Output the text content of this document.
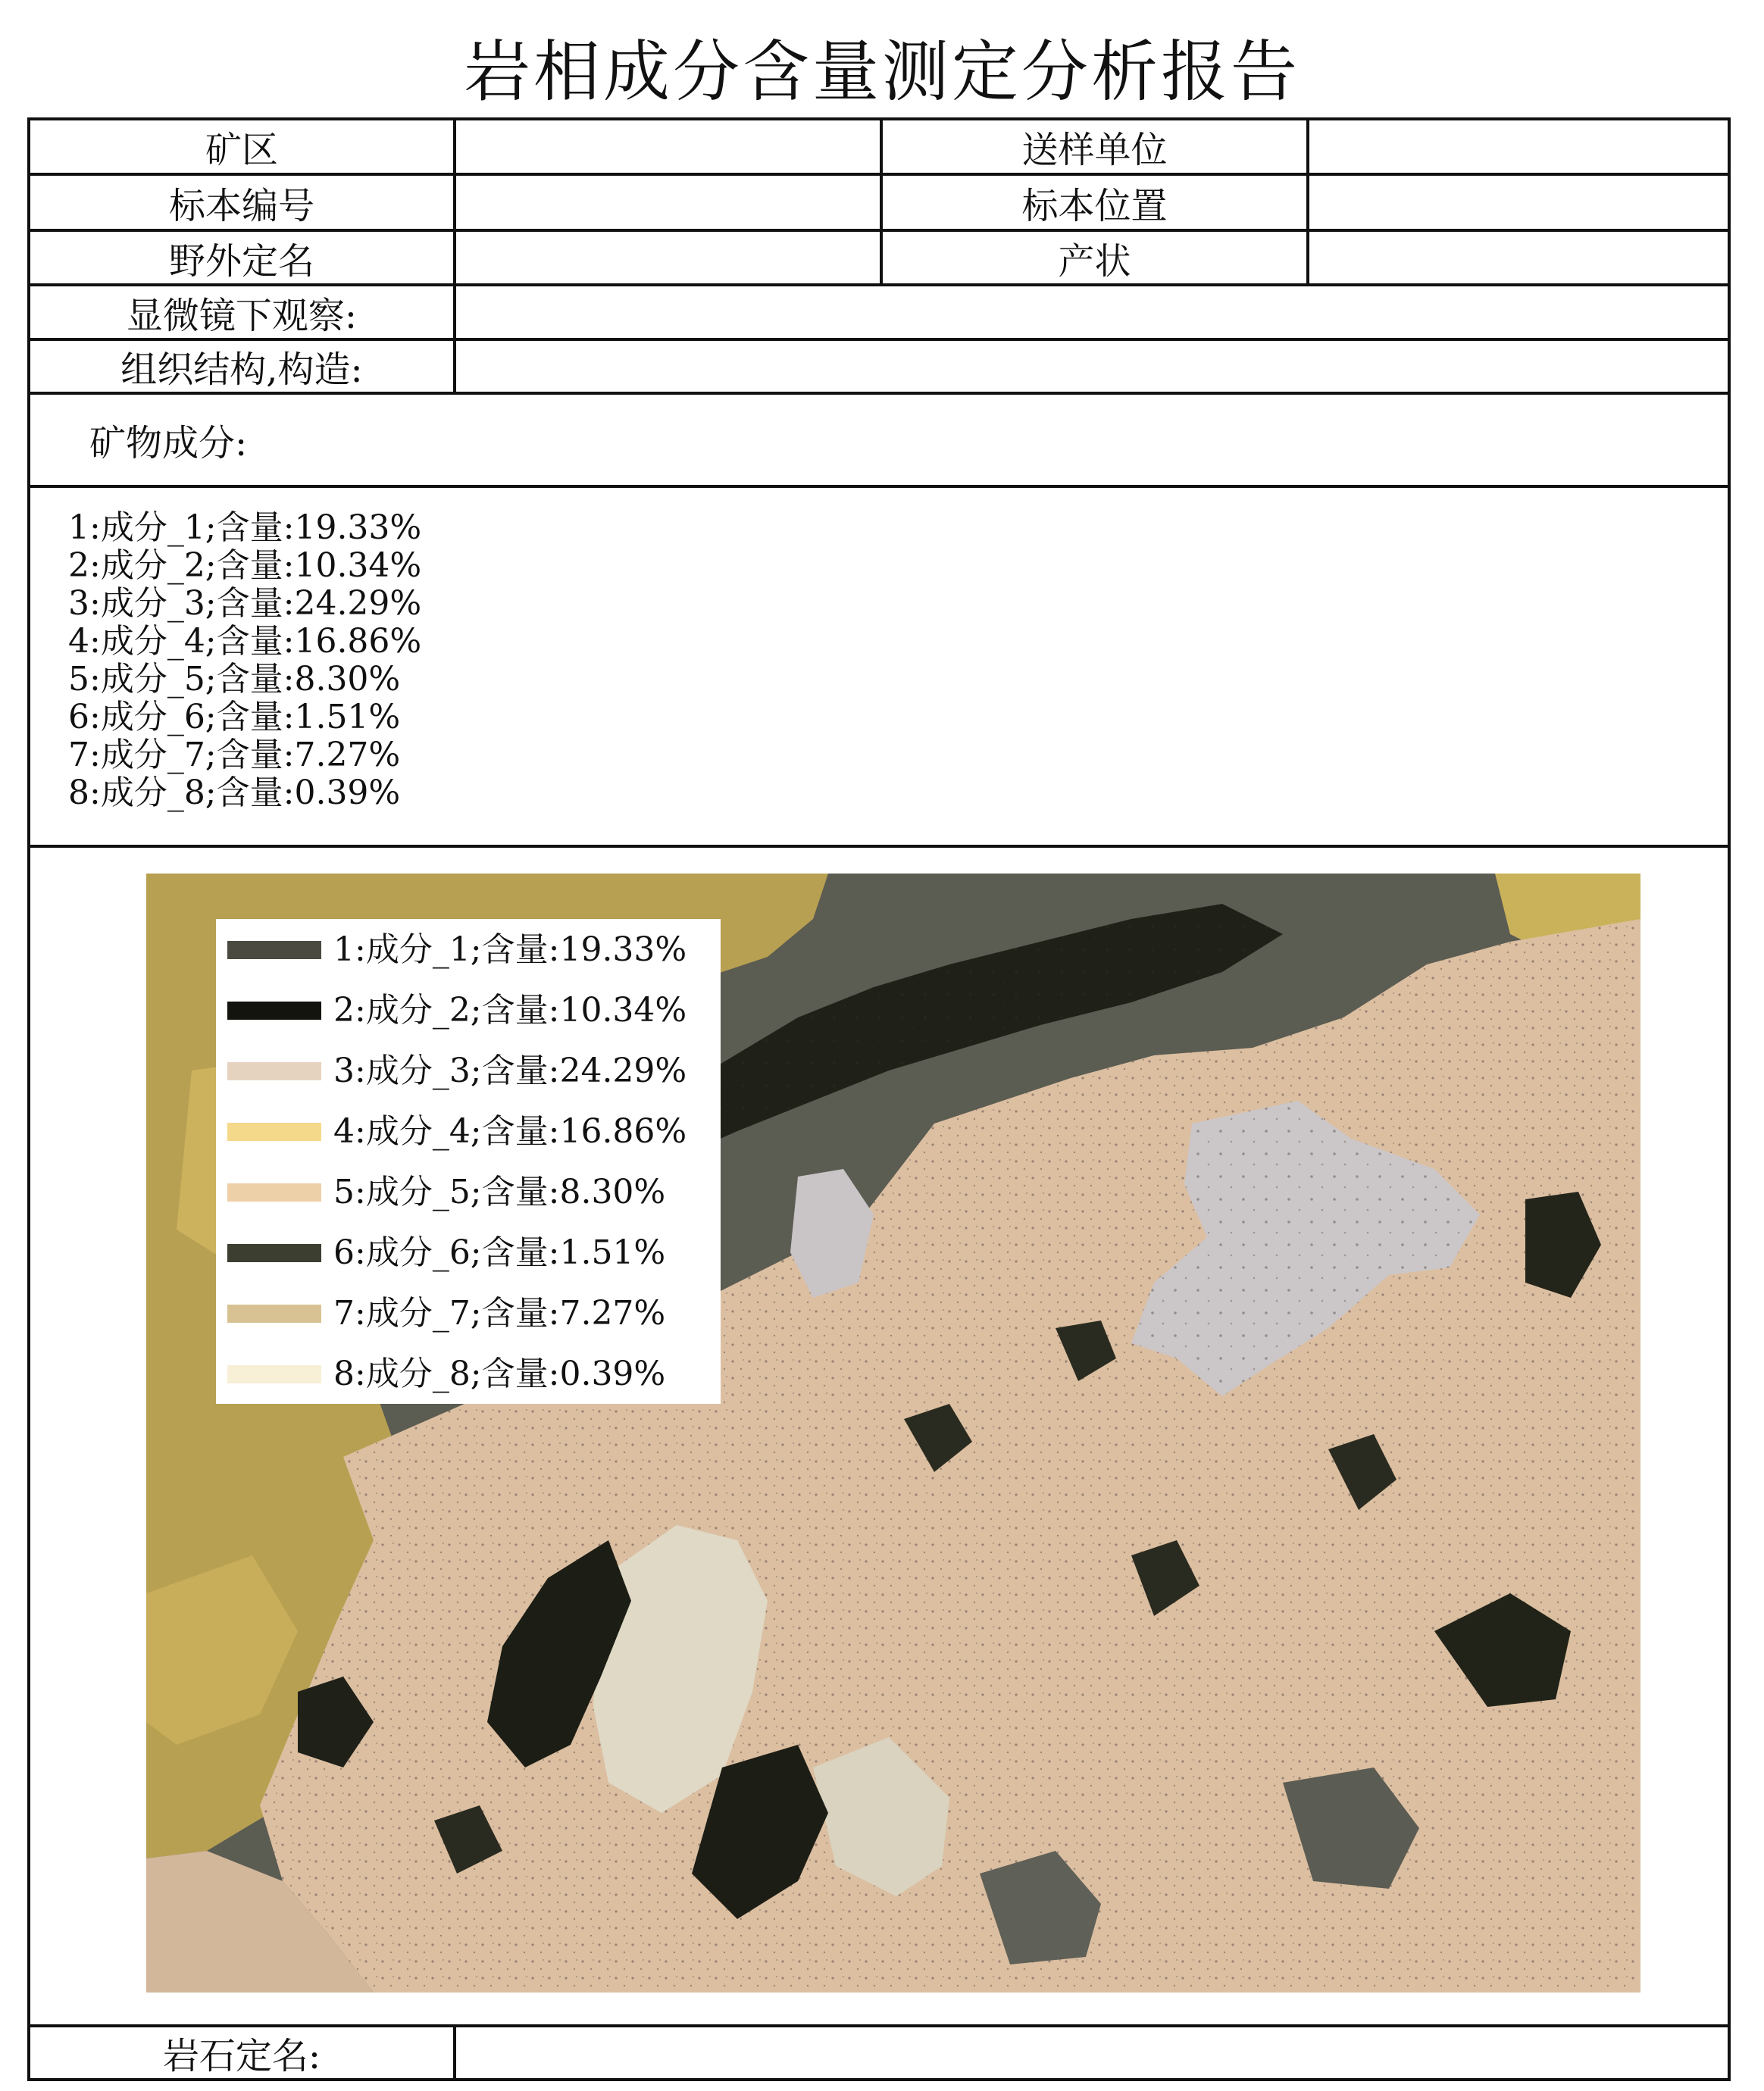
岩相成分含量测定分析报告
矿区	送样单位
标本编号	标本位置
野外定名	产状
显微镜下观察:
组织结构,构造:
矿物成分:
1:成分_1;含量:19.33%
2:成分_2;含量:10.34%
3:成分_3;含量:24.29%
4:成分_4;含量:16.86%
5:成分_5;含量:8.30%
6:成分_6;含量:1.51%
7:成分_7;含量:7.27%
8:成分_8;含量:0.39%
1:成分_1;含量:19.33%
2:成分_2;含量:10.34%
3:成分_3;含量:24.29%
4:成分_4;含量:16.86%
5:成分_5;含量:8.30%
6:成分_6;含量:1.51%
7:成分_7;含量:7.27%
8:成分_8;含量:0.39%
岩石定名:
